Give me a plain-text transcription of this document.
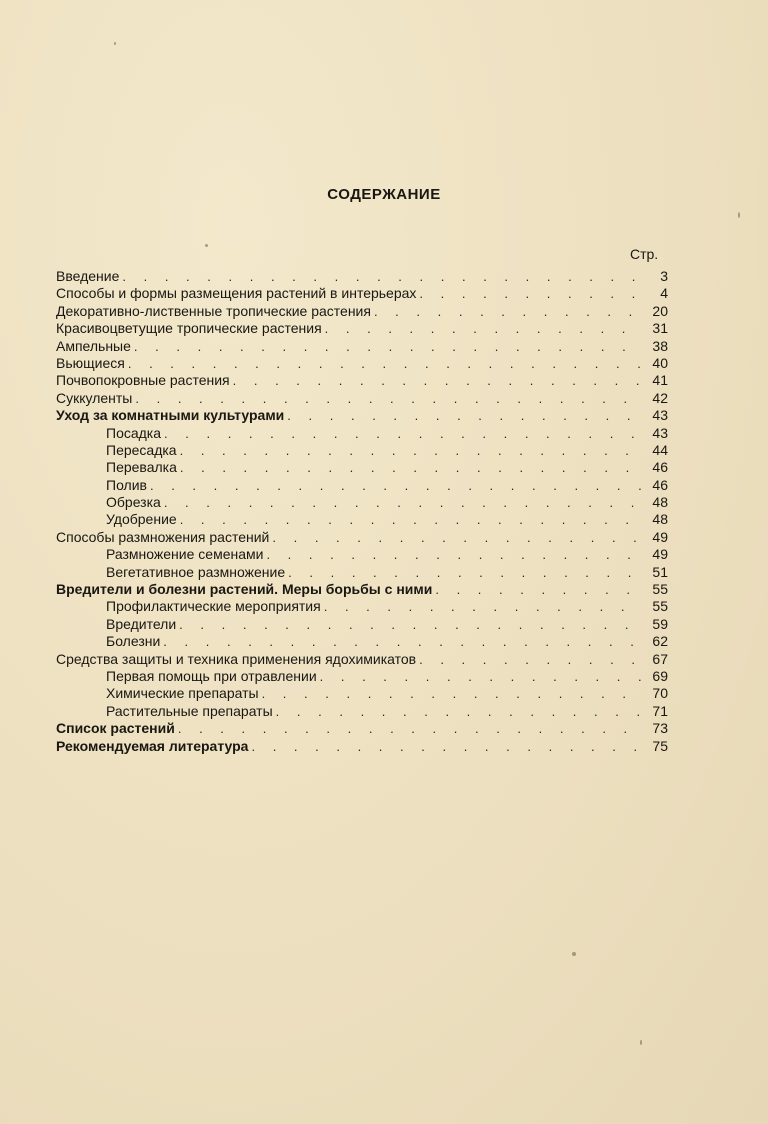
СОДЕРЖАНИЕ
Стр.
Введение . . .	3
Способы и формы размещения растений в интерьерах . . .	4
Декоративно-лиственные тропические растения . . .	20
Красивоцветущие тропические растения . . .	31
Ампельные . . .	38
Вьющиеся . . .	40
Почвопокровные растения . . .	41
Суккуленты . . .	42
Уход за комнатными культурами . . .	43
Посадка . . .	43
Пересадка . . .	44
Перевалка . . .	46
Полив . . .	46
Обрезка . . .	48
Удобрение . . .	48
Способы размножения растений . . .	49
Размножение семенами . . .	49
Вегетативное размножение . . .	51
Вредители и болезни растений. Меры борьбы с ними . . .	55
Профилактические мероприятия . . .	55
Вредители . . .	59
Болезни . . .	62
Средства защиты и техника применения ядохимикатов . . .	67
Первая помощь при отравлении . . .	69
Химические препараты . . .	70
Растительные препараты . . .	71
Список растений . . .	73
Рекомендуемая литература . . .	75
